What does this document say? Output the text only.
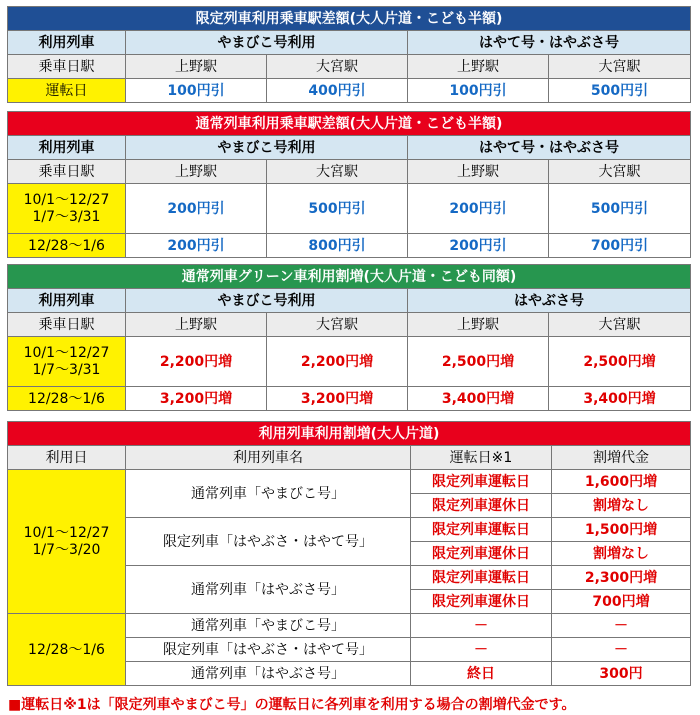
限定列車利用乗車駅差額(大人片道・こども半額)				
利用列車	やまびこ号利用		はやて号・はやぶさ号	
乗車日駅	上野駅	大宮駅	上野駅	大宮駅
運転日	100円引	400円引	100円引	500円引
通常列車利用乗車駅差額(大人片道・こども半額)				
利用列車	やまびこ号利用		はやて号・はやぶさ号	
乗車日駅	上野駅	大宮駅	上野駅	大宮駅
10/1～12/27
1/7～3/31	200円引	500円引	200円引	500円引
12/28～1/6	200円引	800円引	200円引	700円引
通常列車グリーン車利用割増(大人片道・こども同額)				
利用列車	やまびこ号利用		はやぶさ号	
乗車日駅	上野駅	大宮駅	上野駅	大宮駅
10/1～12/27
1/7～3/31	2,200円増	2,200円増	2,500円増	2,500円増
12/28～1/6	3,200円増	3,200円増	3,400円増	3,400円増
利用列車利用割増(大人片道)			
利用日	利用列車名	運転日※1	割増代金
10/1～12/27
1/7～3/20	通常列車「やまびこ号」	限定列車運転日	1,600円増
		限定列車運休日	割増なし
	限定列車「はやぶさ・はやて号」	限定列車運転日	1,500円増
		限定列車運休日	割増なし
	通常列車「はやぶさ号」	限定列車運転日	2,300円増
		限定列車運休日	700円増
12/28～1/6	通常列車「やまびこ号」	－	－
	限定列車「はやぶさ・はやて号」	－	－
	通常列車「はやぶさ号」	終日	300円
■運転日※1は「限定列車やまびこ号」の運転日に各列車を利用する場合の割増代金です。
